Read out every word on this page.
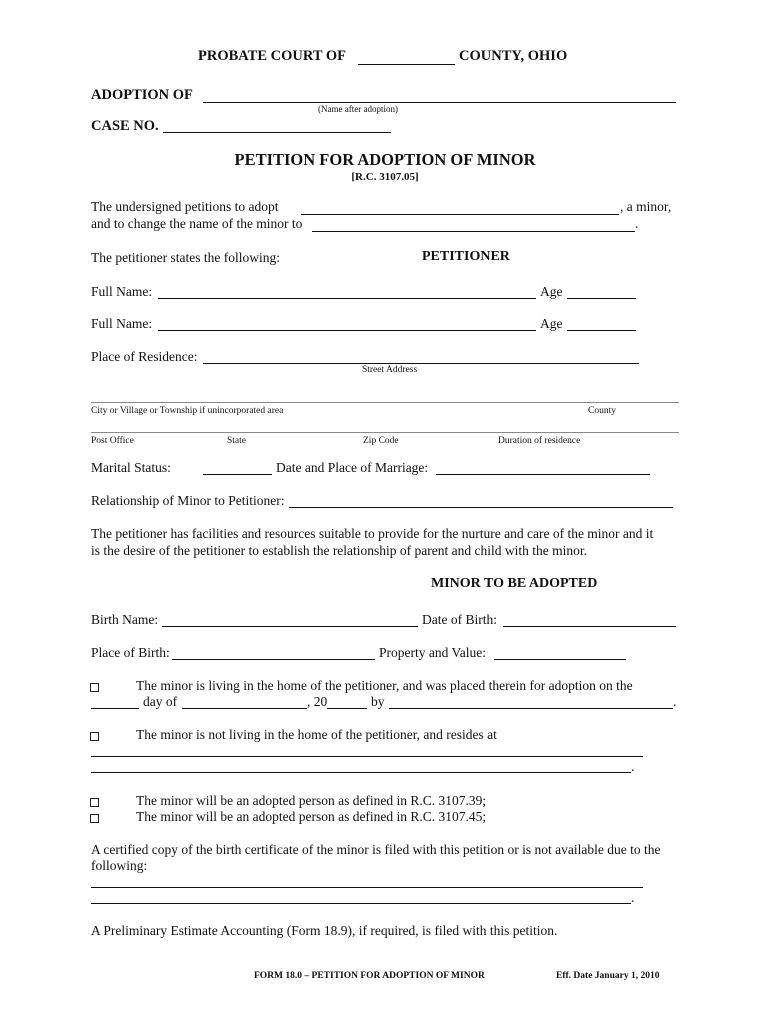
PROBATE COURT OF	COUNTY, OHIO
ADOPTION OF
(Name after adoption)
CASE NO.
PETITION FOR ADOPTION OF MINOR
[R.C. 3107.05]
The undersigned petitions to adopt	, a minor,
and to change the name of the minor to	.
The petitioner states the following:	PETITIONER
Full Name:	Age
Full Name:	Age
Place of Residence:
Street Address
City or Village or Township if unincorporated area	County
Post Office	State	Zip Code	Duration of residence
Marital Status:	Date and Place of Marriage:
Relationship of Minor to Petitioner:
The petitioner has facilities and resources suitable to provide for the nurture and care of the minor and it
is the desire of the petitioner to establish the relationship of parent and child with the minor.
MINOR TO BE ADOPTED
Birth Name:	Date of Birth:
Place of Birth:	Property and Value:
The minor is living in the home of the petitioner, and was placed therein for adoption on the
day of	, 20	by	.
The minor is not living in the home of the petitioner, and resides at
.
The minor will be an adopted person as defined in R.C. 3107.39;
The minor will be an adopted person as defined in R.C. 3107.45;
A certified copy of the birth certificate of the minor is filed with this petition or is not available due to the
following:
.
A Preliminary Estimate Accounting (Form 18.9), if required, is filed with this petition.
FORM 18.0 – PETITION FOR ADOPTION OF MINOR	Eff. Date January 1, 2010
